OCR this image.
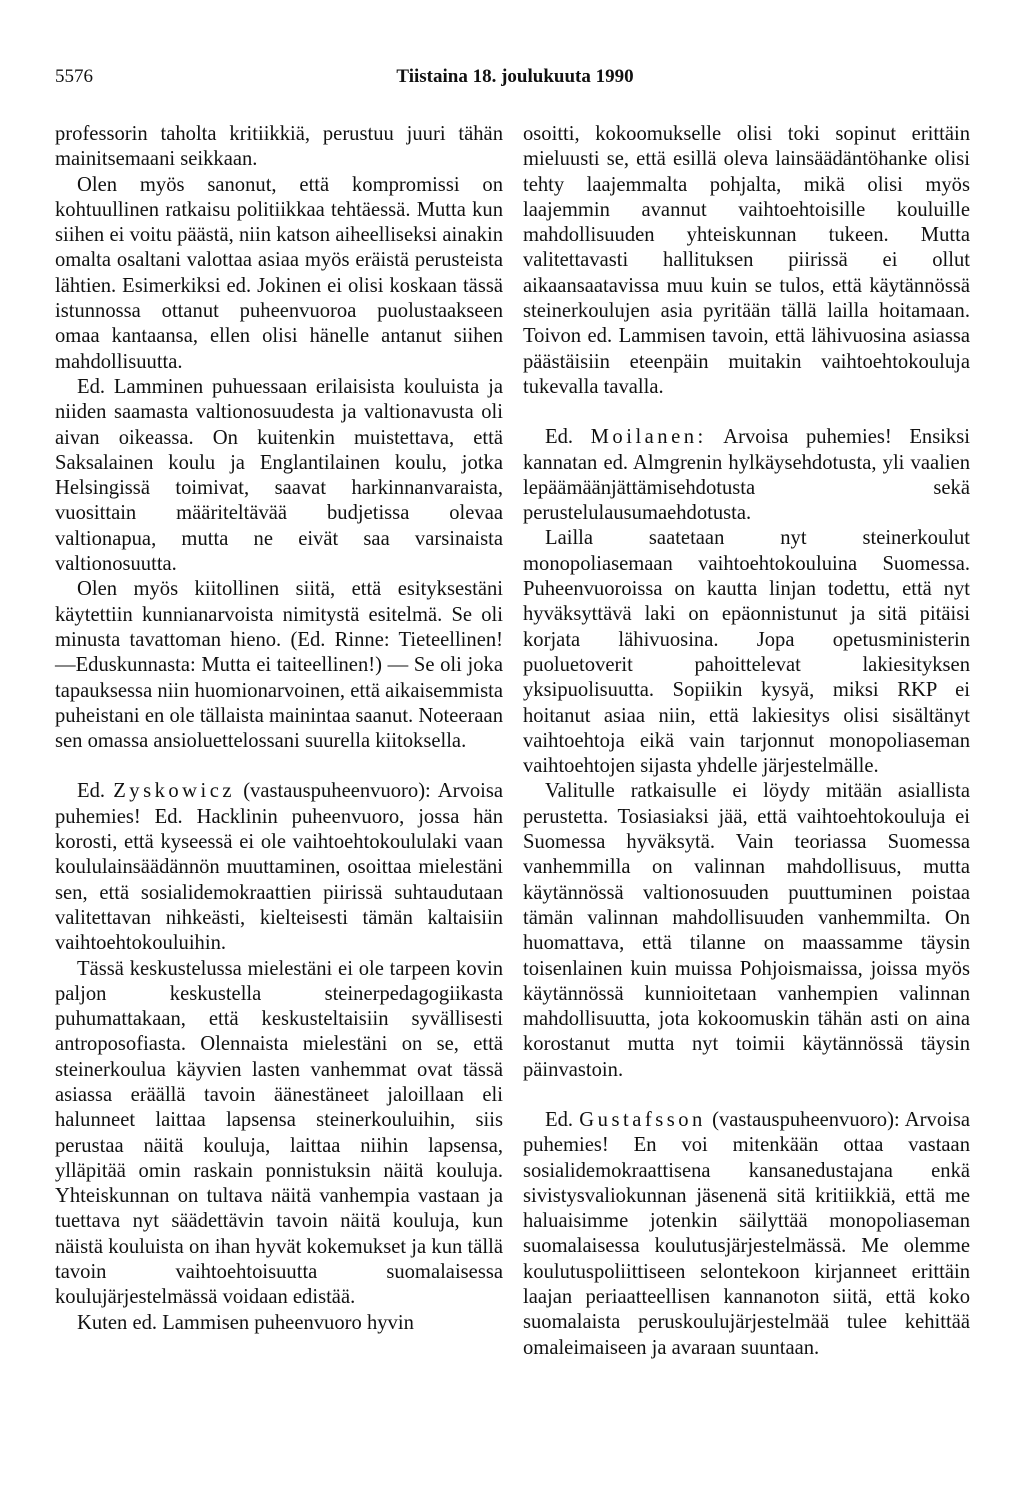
5576	Tiistaina 18. joulukuuta 1990

professorin taholta kritiikkiä, perustuu juuri tähän mainitsemaani seikkaan.

Olen myös sanonut, että kompromissi on kohtuullinen ratkaisu politiikkaa tehtäessä. Mutta kun siihen ei voitu päästä, niin katson aiheelliseksi ainakin omalta osaltani valottaa asiaa myös eräistä perusteista lähtien. Esimerkiksi ed. Jokinen ei olisi koskaan tässä istunnossa ottanut puheenvuoroa puolustaakseen omaa kantaansa, ellen olisi hänelle antanut siihen mahdollisuutta.

Ed. Lamminen puhuessaan erilaisista kouluista ja niiden saamasta valtionosuudesta ja valtionavusta oli aivan oikeassa. On kuitenkin muistettava, että Saksalainen koulu ja Englantilainen koulu, jotka Helsingissä toimivat, saavat harkinnanvaraista, vuosittain määriteltävää budjetissa olevaa valtionapua, mutta ne eivät saa varsinaista valtionosuutta.

Olen myös kiitollinen siitä, että esityksestäni käytettiin kunnianarvoista nimitystä esitelmä. Se oli minusta tavattoman hieno. (Ed. Rinne: Tieteellinen! —Eduskunnasta: Mutta ei taiteellinen!) — Se oli joka tapauksessa niin huomionarvoinen, että aikaisemmista puheistani en ole tällaista mainintaa saanut. Noteeraan sen omassa ansioluettelossani suurella kiitoksella.

Ed. Zyskowicz (vastauspuheenvuoro): Arvoisa puhemies! Ed. Hacklinin puheenvuoro, jossa hän korosti, että kyseessä ei ole vaihtoehtokoululaki vaan koululainsäädännön muuttaminen, osoittaa mielestäni sen, että sosialidemokraattien piirissä suhtaudutaan valitettavan nihkeästi, kielteisesti tämän kaltaisiin vaihtoehtokouluihin.

Tässä keskustelussa mielestäni ei ole tarpeen kovin paljon keskustella steinerpedagogiikasta puhumattakaan, että keskusteltaisiin syvällisesti antroposofiasta. Olennaista mielestäni on se, että steinerkoulua käyvien lasten vanhemmat ovat tässä asiassa eräällä tavoin äänestäneet jaloillaan eli halunneet laittaa lapsensa steinerkouluihin, siis perustaa näitä kouluja, laittaa niihin lapsensa, ylläpitää omin raskain ponnistuksin näitä kouluja. Yhteiskunnan on tultava näitä vanhempia vastaan ja tuettava nyt säädettävin tavoin näitä kouluja, kun näistä kouluista on ihan hyvät kokemukset ja kun tällä tavoin vaihtoehtoisuutta suomalaisessa koulujärjestelmässä voidaan edistää.

Kuten ed. Lammisen puheenvuoro hyvin

osoitti, kokoomukselle olisi toki sopinut erittäin mieluusti se, että esillä oleva lainsäädäntöhanke olisi tehty laajemmalta pohjalta, mikä olisi myös laajemmin avannut vaihtoehtoisille kouluille mahdollisuuden yhteiskunnan tukeen. Mutta valitettavasti hallituksen piirissä ei ollut aikaansaatavissa muu kuin se tulos, että käytännössä steinerkoulujen asia pyritään tällä lailla hoitamaan. Toivon ed. Lammisen tavoin, että lähivuosina asiassa päästäisiin eteenpäin muitakin vaihtoehtokouluja tukevalla tavalla.

Ed. Moilanen: Arvoisa puhemies! Ensiksi kannatan ed. Almgrenin hylkäysehdotusta, yli vaalien lepäämäänjättämisehdotusta sekä perustelulausumaehdotusta.

Lailla saatetaan nyt steinerkoulut monopoliasemaan vaihtoehtokouluina Suomessa. Puheenvuoroissa on kautta linjan todettu, että nyt hyväksyttävä laki on epäonnistunut ja sitä pitäisi korjata lähivuosina. Jopa opetusministerin puoluetoverit pahoittelevat lakiesityksen yksipuolisuutta. Sopiikin kysyä, miksi RKP ei hoitanut asiaa niin, että lakiesitys olisi sisältänyt vaihtoehtoja eikä vain tarjonnut monopoliaseman vaihtoehtojen sijasta yhdelle järjestelmälle.

Valitulle ratkaisulle ei löydy mitään asiallista perustetta. Tosiasiaksi jää, että vaihtoehtokouluja ei Suomessa hyväksytä. Vain teoriassa Suomessa vanhemmilla on valinnan mahdollisuus, mutta käytännössä valtionosuuden puuttuminen poistaa tämän valinnan mahdollisuuden vanhemmilta. On huomattava, että tilanne on maassamme täysin toisenlainen kuin muissa Pohjoismaissa, joissa myös käytännössä kunnioitetaan vanhempien valinnan mahdollisuutta, jota kokoomuskin tähän asti on aina korostanut mutta nyt toimii käytännössä täysin päinvastoin.

Ed. Gustafsson (vastauspuheenvuoro): Arvoisa puhemies! En voi mitenkään ottaa vastaan sosialidemokraattisena kansanedustajana enkä sivistysvaliokunnan jäsenenä sitä kritiikkiä, että me haluaisimme jotenkin säilyttää monopoliaseman suomalaisessa koulutusjärjestelmässä. Me olemme koulutuspoliittiseen selontekoon kirjanneet erittäin laajan periaatteellisen kannanoton siitä, että koko suomalaista peruskoulujärjestelmää tulee kehittää omaleimaiseen ja avaraan suuntaan.
